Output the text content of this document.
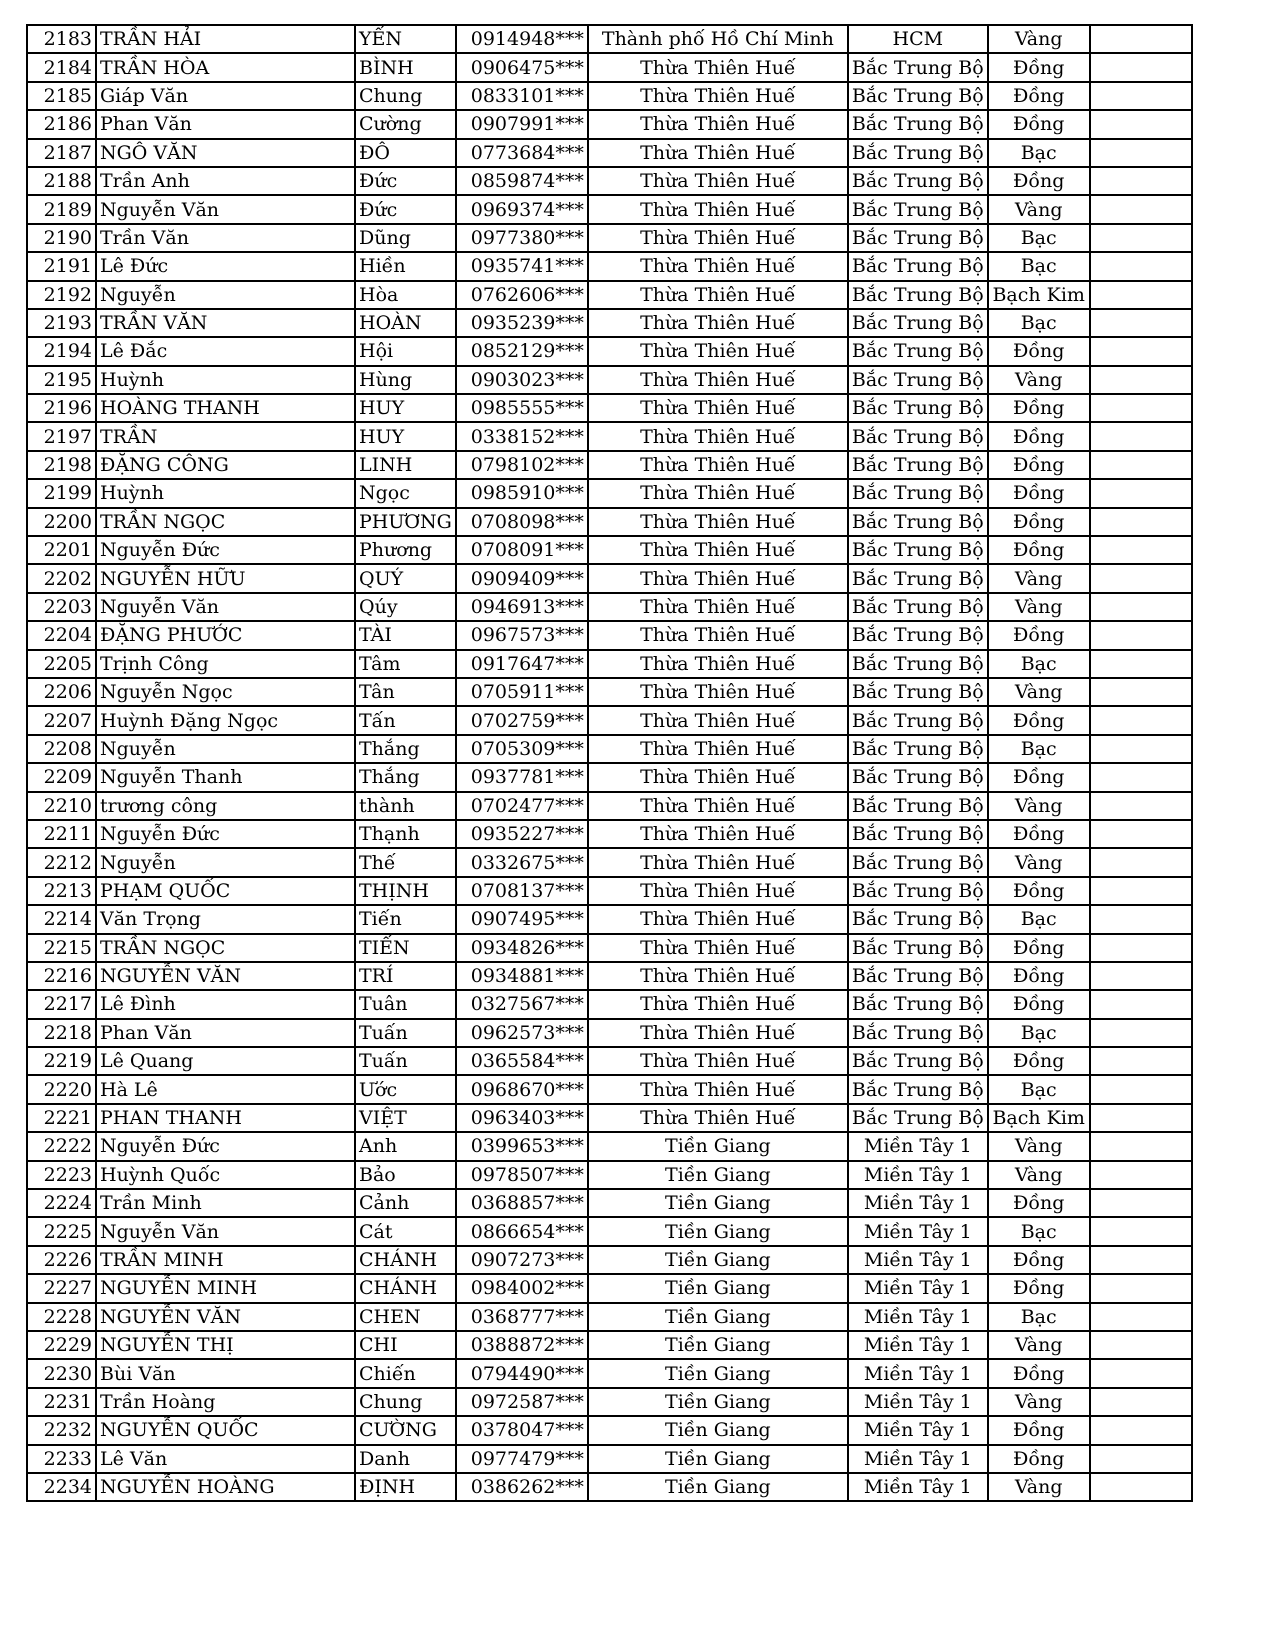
2183	TRẦN HẢI	YẾN	0914948***	Thành phố Hồ Chí Minh	HCM	Vàng	
2184	TRẦN HÒA	BÌNH	0906475***	Thừa Thiên Huế	Bắc Trung Bộ	Đồng	
2185	Giáp Văn	Chung	0833101***	Thừa Thiên Huế	Bắc Trung Bộ	Đồng	
2186	Phan Văn	Cường	0907991***	Thừa Thiên Huế	Bắc Trung Bộ	Đồng	
2187	NGÔ VĂN	ĐÔ	0773684***	Thừa Thiên Huế	Bắc Trung Bộ	Bạc	
2188	Trần Anh	Đức	0859874***	Thừa Thiên Huế	Bắc Trung Bộ	Đồng	
2189	Nguyễn Văn	Đức	0969374***	Thừa Thiên Huế	Bắc Trung Bộ	Vàng	
2190	Trần Văn	Dũng	0977380***	Thừa Thiên Huế	Bắc Trung Bộ	Bạc	
2191	Lê Đức	Hiền	0935741***	Thừa Thiên Huế	Bắc Trung Bộ	Bạc	
2192	Nguyễn	Hòa	0762606***	Thừa Thiên Huế	Bắc Trung Bộ	Bạch Kim	
2193	TRẦN VĂN	HOÀN	0935239***	Thừa Thiên Huế	Bắc Trung Bộ	Bạc	
2194	Lê Đắc	Hội	0852129***	Thừa Thiên Huế	Bắc Trung Bộ	Đồng	
2195	Huỳnh	Hùng	0903023***	Thừa Thiên Huế	Bắc Trung Bộ	Vàng	
2196	HOÀNG THANH	HUY	0985555***	Thừa Thiên Huế	Bắc Trung Bộ	Đồng	
2197	TRẦN	HUY	0338152***	Thừa Thiên Huế	Bắc Trung Bộ	Đồng	
2198	ĐẶNG CÔNG	LINH	0798102***	Thừa Thiên Huế	Bắc Trung Bộ	Đồng	
2199	Huỳnh	Ngọc	0985910***	Thừa Thiên Huế	Bắc Trung Bộ	Đồng	
2200	TRẦN NGỌC	PHƯƠNG	0708098***	Thừa Thiên Huế	Bắc Trung Bộ	Đồng	
2201	Nguyễn Đức	Phương	0708091***	Thừa Thiên Huế	Bắc Trung Bộ	Đồng	
2202	NGUYỄN HỮU	QUÝ	0909409***	Thừa Thiên Huế	Bắc Trung Bộ	Vàng	
2203	Nguyễn Văn	Qúy	0946913***	Thừa Thiên Huế	Bắc Trung Bộ	Vàng	
2204	ĐẶNG PHƯỚC	TÀI	0967573***	Thừa Thiên Huế	Bắc Trung Bộ	Đồng	
2205	Trịnh Công	Tâm	0917647***	Thừa Thiên Huế	Bắc Trung Bộ	Bạc	
2206	Nguyễn Ngọc	Tân	0705911***	Thừa Thiên Huế	Bắc Trung Bộ	Vàng	
2207	Huỳnh Đặng Ngọc	Tấn	0702759***	Thừa Thiên Huế	Bắc Trung Bộ	Đồng	
2208	Nguyễn	Thắng	0705309***	Thừa Thiên Huế	Bắc Trung Bộ	Bạc	
2209	Nguyễn Thanh	Thắng	0937781***	Thừa Thiên Huế	Bắc Trung Bộ	Đồng	
2210	trương công	thành	0702477***	Thừa Thiên Huế	Bắc Trung Bộ	Vàng	
2211	Nguyễn Đức	Thạnh	0935227***	Thừa Thiên Huế	Bắc Trung Bộ	Đồng	
2212	Nguyễn	Thế	0332675***	Thừa Thiên Huế	Bắc Trung Bộ	Vàng	
2213	PHẠM QUỐC	THỊNH	0708137***	Thừa Thiên Huế	Bắc Trung Bộ	Đồng	
2214	Văn Trọng	Tiến	0907495***	Thừa Thiên Huế	Bắc Trung Bộ	Bạc	
2215	TRẦN NGỌC	TIẾN	0934826***	Thừa Thiên Huế	Bắc Trung Bộ	Đồng	
2216	NGUYỄN VĂN	TRÍ	0934881***	Thừa Thiên Huế	Bắc Trung Bộ	Đồng	
2217	Lê Đình	Tuân	0327567***	Thừa Thiên Huế	Bắc Trung Bộ	Đồng	
2218	Phan Văn	Tuấn	0962573***	Thừa Thiên Huế	Bắc Trung Bộ	Bạc	
2219	Lê Quang	Tuấn	0365584***	Thừa Thiên Huế	Bắc Trung Bộ	Đồng	
2220	Hà Lê	Ước	0968670***	Thừa Thiên Huế	Bắc Trung Bộ	Bạc	
2221	PHAN THANH	VIỆT	0963403***	Thừa Thiên Huế	Bắc Trung Bộ	Bạch Kim	
2222	Nguyễn Đức	Anh	0399653***	Tiền Giang	Miền Tây 1	Vàng	
2223	Huỳnh Quốc	Bảo	0978507***	Tiền Giang	Miền Tây 1	Vàng	
2224	Trần Minh	Cảnh	0368857***	Tiền Giang	Miền Tây 1	Đồng	
2225	Nguyễn Văn	Cát	0866654***	Tiền Giang	Miền Tây 1	Bạc	
2226	TRẦN MINH	CHÁNH	0907273***	Tiền Giang	Miền Tây 1	Đồng	
2227	NGUYỄN MINH	CHÁNH	0984002***	Tiền Giang	Miền Tây 1	Đồng	
2228	NGUYỄN VĂN	CHEN	0368777***	Tiền Giang	Miền Tây 1	Bạc	
2229	NGUYỄN THỊ	CHI	0388872***	Tiền Giang	Miền Tây 1	Vàng	
2230	Bùi Văn	Chiến	0794490***	Tiền Giang	Miền Tây 1	Đồng	
2231	Trần Hoàng	Chung	0972587***	Tiền Giang	Miền Tây 1	Vàng	
2232	NGUYỄN QUỐC	CƯỜNG	0378047***	Tiền Giang	Miền Tây 1	Đồng	
2233	Lê Văn	Danh	0977479***	Tiền Giang	Miền Tây 1	Đồng	
2234	NGUYỄN HOÀNG	ĐỊNH	0386262***	Tiền Giang	Miền Tây 1	Vàng	
